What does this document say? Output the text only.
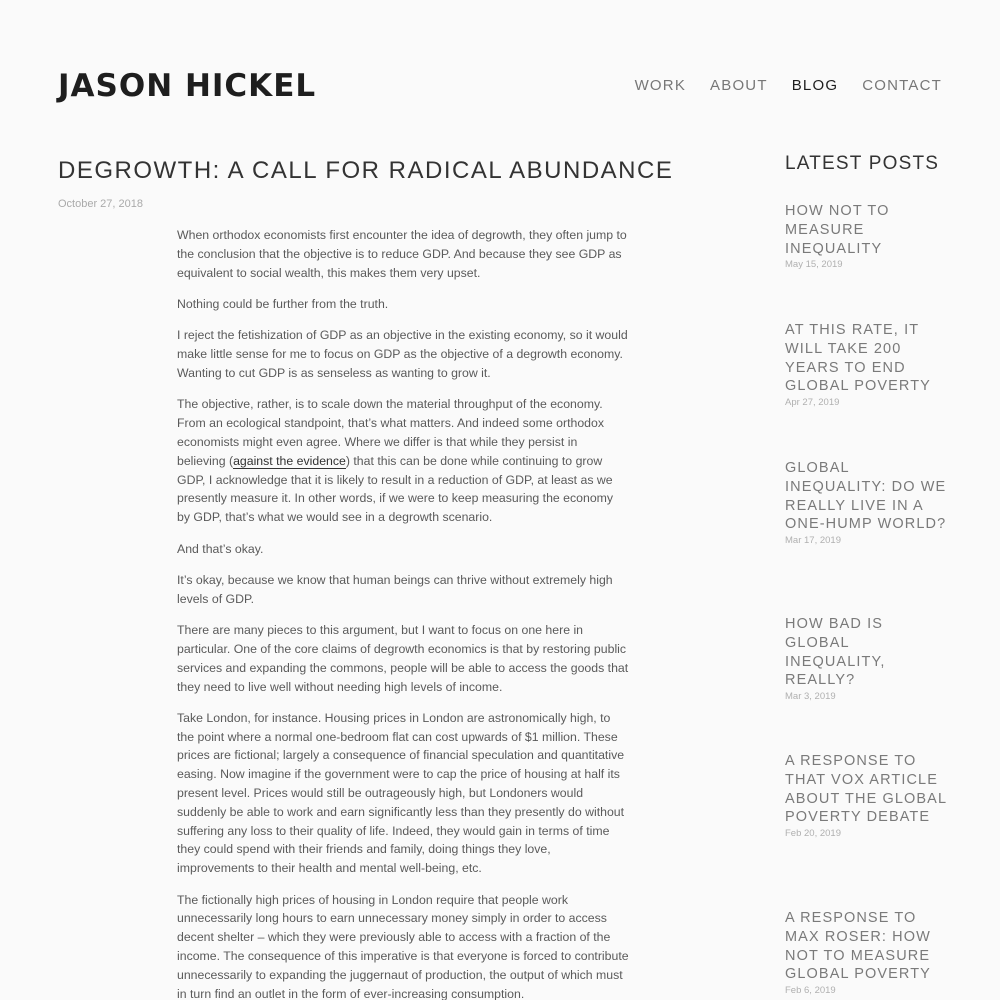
JASON HICKEL	WORK ABOUT BLOG CONTACT
DEGROWTH: A CALL FOR RADICAL ABUNDANCE
October 27, 2018

When orthodox economists first encounter the idea of degrowth, they often jump to the conclusion that the objective is to reduce GDP. And because they see GDP as equivalent to social wealth, this makes them very upset.

Nothing could be further from the truth.

I reject the fetishization of GDP as an objective in the existing economy, so it would make little sense for me to focus on GDP as the objective of a degrowth economy. Wanting to cut GDP is as senseless as wanting to grow it.

The objective, rather, is to scale down the material throughput of the economy. From an ecological standpoint, that’s what matters. And indeed some orthodox economists might even agree. Where we differ is that while they persist in believing (against the evidence) that this can be done while continuing to grow GDP, I acknowledge that it is likely to result in a reduction of GDP, at least as we presently measure it. In other words, if we were to keep measuring the economy by GDP, that’s what we would see in a degrowth scenario.

And that’s okay.

It’s okay, because we know that human beings can thrive without extremely high levels of GDP.

There are many pieces to this argument, but I want to focus on one here in particular. One of the core claims of degrowth economics is that by restoring public services and expanding the commons, people will be able to access the goods that they need to live well without needing high levels of income.

Take London, for instance. Housing prices in London are astronomically high, to the point where a normal one-bedroom flat can cost upwards of $1 million. These prices are fictional; largely a consequence of financial speculation and quantitative easing. Now imagine if the government were to cap the price of housing at half its present level. Prices would still be outrageously high, but Londoners would suddenly be able to work and earn significantly less than they presently do without suffering any loss to their quality of life. Indeed, they would gain in terms of time they could spend with their friends and family, doing things they love, improvements to their health and mental well-being, etc.

The fictionally high prices of housing in London require that people work unnecessarily long hours to earn unnecessary money simply in order to access decent shelter – which they were previously able to access with a fraction of the income. The consequence of this imperative is that everyone is forced to contribute unnecessarily to expanding the juggernaut of production, the output of which must in turn find an outlet in the form of ever-increasing consumption.

LATEST POSTS
HOW NOT TO MEASURE INEQUALITY
May 15, 2019
AT THIS RATE, IT WILL TAKE 200 YEARS TO END GLOBAL POVERTY
Apr 27, 2019
GLOBAL INEQUALITY: DO WE REALLY LIVE IN A ONE-HUMP WORLD?
Mar 17, 2019
HOW BAD IS GLOBAL INEQUALITY, REALLY?
Mar 3, 2019
A RESPONSE TO THAT VOX ARTICLE ABOUT THE GLOBAL POVERTY DEBATE
Feb 20, 2019
A RESPONSE TO MAX ROSER: HOW NOT TO MEASURE GLOBAL POVERTY
Feb 6, 2019
